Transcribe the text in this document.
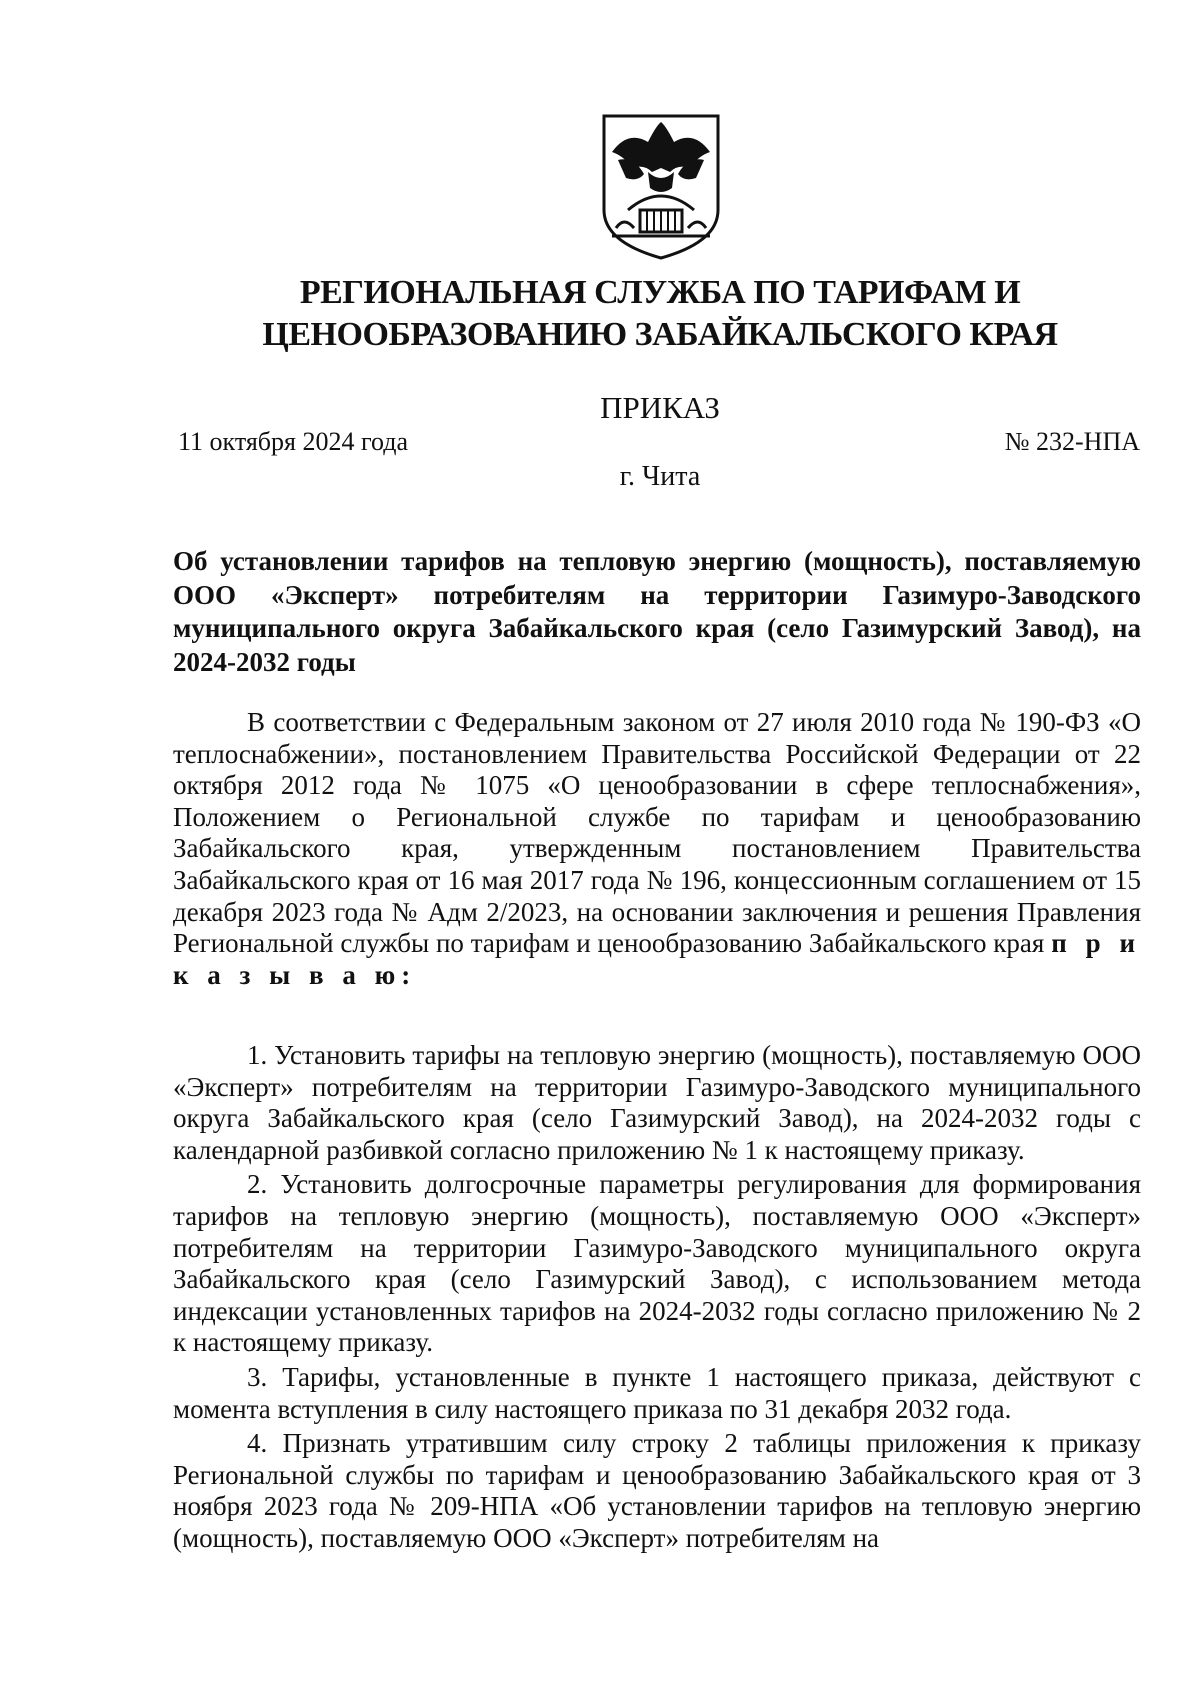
РЕГИОНАЛЬНАЯ СЛУЖБА ПО ТАРИФАМ И ЦЕНООБРАЗОВАНИЮ ЗАБАЙКАЛЬСКОГО КРАЯ
ПРИКАЗ
11 октября 2024 года	№ 232-НПА
г. Чита
Об установлении тарифов на тепловую энергию (мощность), поставляемую ООО «Эксперт» потребителям на территории Газимуро-Заводского муниципального округа Забайкальского края (село Газимурский Завод), на 2024-2032 годы
В соответствии с Федеральным законом от 27 июля 2010 года № 190-ФЗ «О теплоснабжении», постановлением Правительства Российской Федерации от 22 октября 2012 года № 1075 «О ценообразовании в сфере теплоснабжения», Положением о Региональной службе по тарифам и ценообразованию Забайкальского края, утвержденным постановлением Правительства Забайкальского края от 16 мая 2017 года № 196, концессионным соглашением от 15 декабря 2023 года № Адм 2/2023, на основании заключения и решения Правления Региональной службы по тарифам и ценообразованию Забайкальского края п р и к а з ы в а ю:

1. Установить тарифы на тепловую энергию (мощность), поставляемую ООО «Эксперт» потребителям на территории Газимуро-Заводского муниципального округа Забайкальского края (село Газимурский Завод), на 2024-2032 годы с календарной разбивкой согласно приложению № 1 к настоящему приказу.

2. Установить долгосрочные параметры регулирования для формирования тарифов на тепловую энергию (мощность), поставляемую ООО «Эксперт» потребителям на территории Газимуро-Заводского муниципального округа Забайкальского края (село Газимурский Завод), с использованием метода индексации установленных тарифов на 2024-2032 годы согласно приложению № 2 к настоящему приказу.

3. Тарифы, установленные в пункте 1 настоящего приказа, действуют с момента вступления в силу настоящего приказа по 31 декабря 2032 года.

4. Признать утратившим силу строку 2 таблицы приложения к приказу Региональной службы по тарифам и ценообразованию Забайкальского края от 3 ноября 2023 года № 209-НПА «Об установлении тарифов на тепловую энергию (мощность), поставляемую ООО «Эксперт» потребителям на
